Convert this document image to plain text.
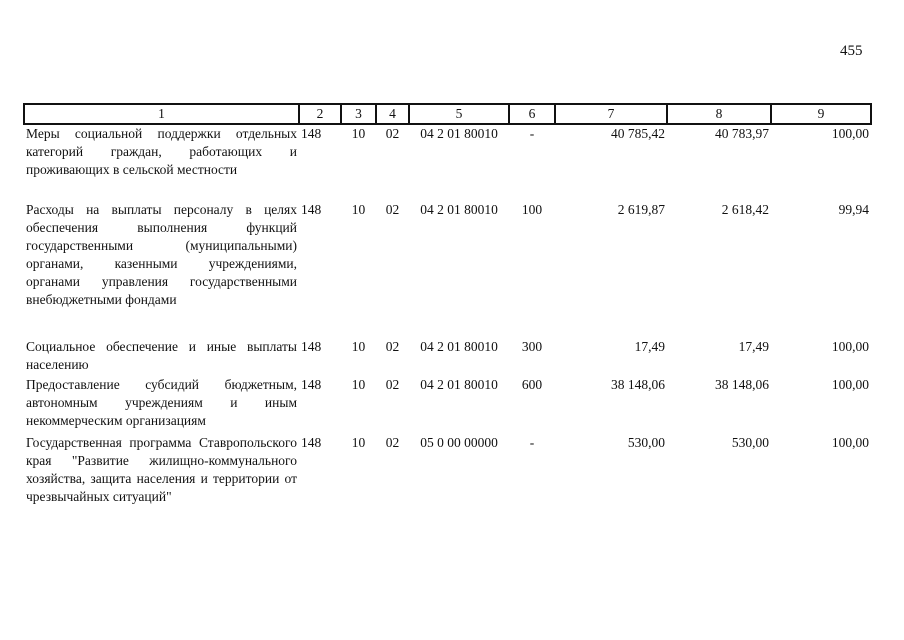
455
1	2	3	4	5	6	7	8	9
Меры социальной поддержки отдельных категорий граждан, работающих и проживающих в сельской местности	148	10	02	04 2 01 80010	-	40 785,42	40 783,97	100,00
Расходы на выплаты персоналу в целях обеспечения выполнения функций государственными (муниципальными) органами, казенными учреждениями, органами управления государственными внебюджетными фондами	148	10	02	04 2 01 80010	100	2 619,87	2 618,42	99,94
Социальное обеспечение и иные выплаты населению	148	10	02	04 2 01 80010	300	17,49	17,49	100,00
Предоставление субсидий бюджетным, автономным учреждениям и иным некоммерческим организациям	148	10	02	04 2 01 80010	600	38 148,06	38 148,06	100,00
Государственная программа Ставропольского края "Развитие жилищно-коммунального хозяйства, защита населения и территории от чрезвычайных ситуаций"	148	10	02	05 0 00 00000	-	530,00	530,00	100,00
